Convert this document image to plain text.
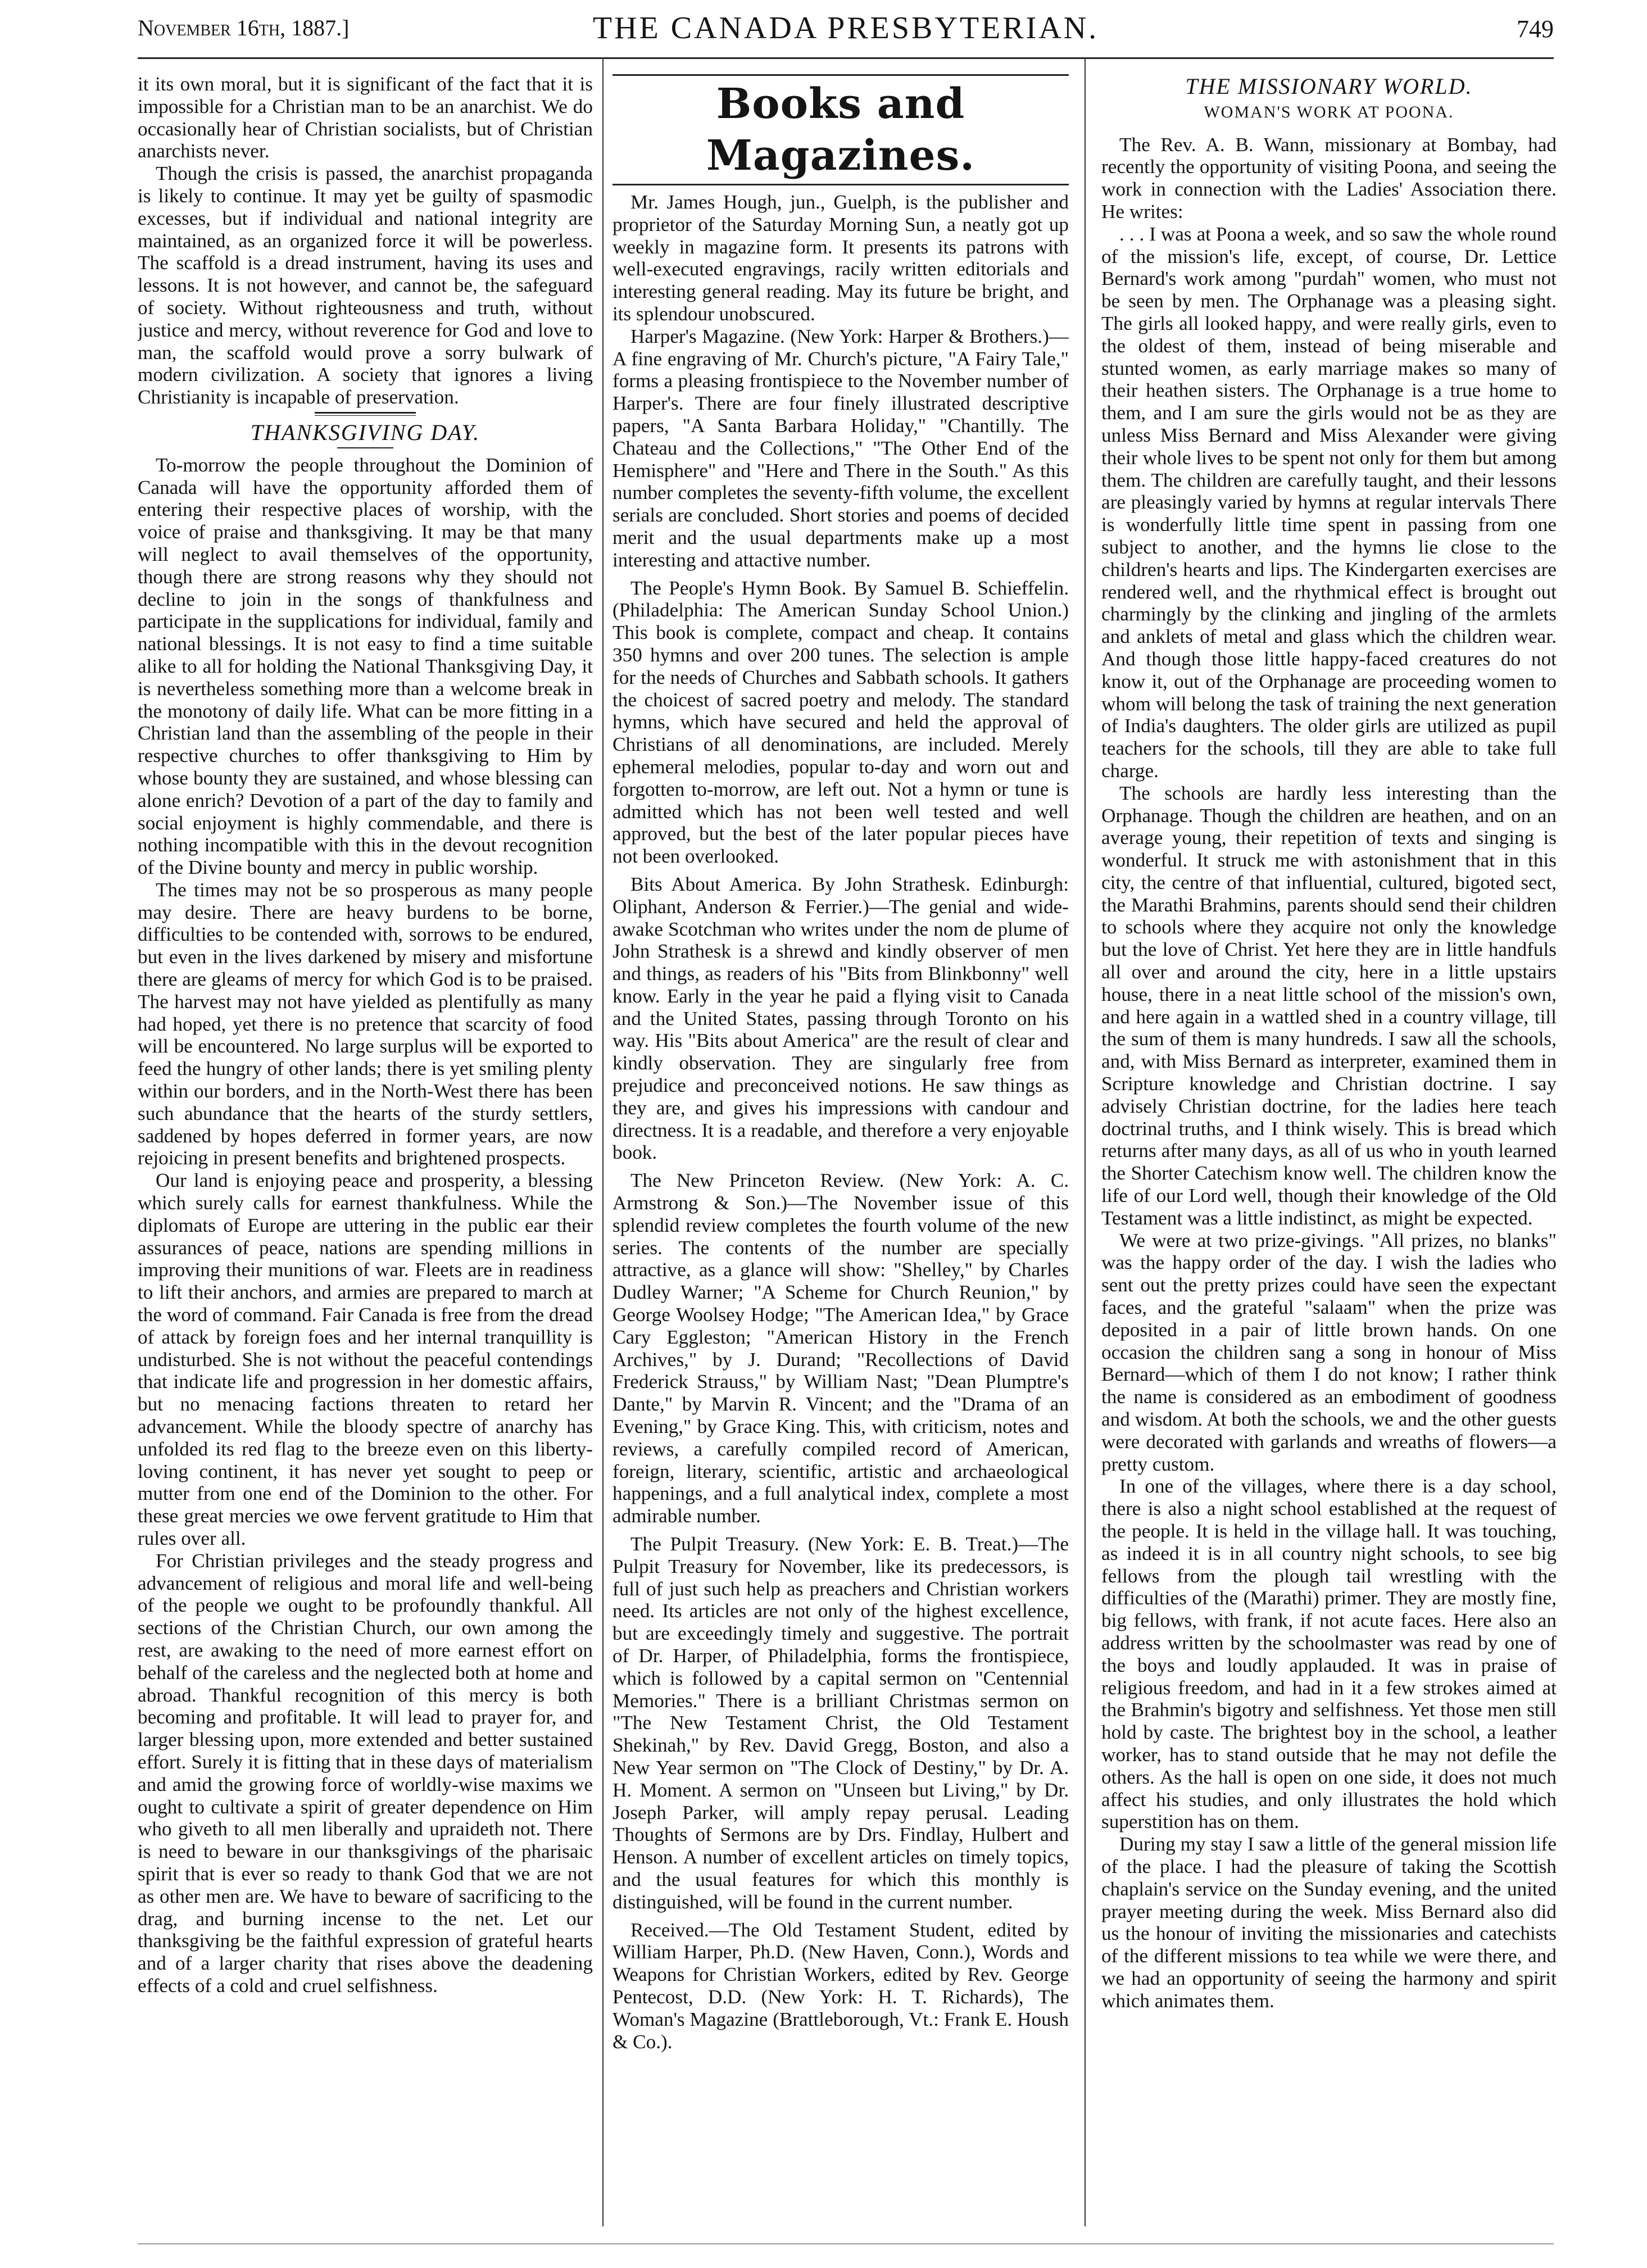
November 16th, 1887.]	THE CANADA PRESBYTERIAN.	749

it its own moral, but it is significant of the fact that it is impossible for a Christian man to be an anarchist. We do occasionally hear of Christian socialists, but of Christian anarchists never.

Though the crisis is passed, the anarchist propaganda is likely to continue. It may yet be guilty of spasmodic excesses, but if individual and national integrity are maintained, as an organized force it will be powerless. The scaffold is a dread instrument, having its uses and lessons. It is not however, and cannot be, the safeguard of society. Without righteousness and truth, without justice and mercy, without reverence for God and love to man, the scaffold would prove a sorry bulwark of modern civilization. A society that ignores a living Christianity is incapable of preservation.

THANKSGIVING DAY.

To-morrow the people throughout the Dominion of Canada will have the opportunity afforded them of entering their respective places of worship, with the voice of praise and thanksgiving. It may be that many will neglect to avail themselves of the opportunity, though there are strong reasons why they should not decline to join in the songs of thankfulness and participate in the supplications for individual, family and national blessings. It is not easy to find a time suitable alike to all for holding the National Thanksgiving Day, it is nevertheless something more than a welcome break in the monotony of daily life. What can be more fitting in a Christian land than the assembling of the people in their respective churches to offer thanksgiving to Him by whose bounty they are sustained, and whose blessing can alone enrich? Devotion of a part of the day to family and social enjoyment is highly commendable, and there is nothing incompatible with this in the devout recognition of the Divine bounty and mercy in public worship.

The times may not be so prosperous as many people may desire. There are heavy burdens to be borne, difficulties to be contended with, sorrows to be endured, but even in the lives darkened by misery and misfortune there are gleams of mercy for which God is to be praised. The harvest may not have yielded as plentifully as many had hoped, yet there is no pretence that scarcity of food will be encountered. No large surplus will be exported to feed the hungry of other lands; there is yet smiling plenty within our borders, and in the North-West there has been such abundance that the hearts of the sturdy settlers, saddened by hopes deferred in former years, are now rejoicing in present benefits and brightened prospects.

Our land is enjoying peace and prosperity, a blessing which surely calls for earnest thankfulness. While the diplomats of Europe are uttering in the public ear their assurances of peace, nations are spending millions in improving their munitions of war. Fleets are in readiness to lift their anchors, and armies are prepared to march at the word of command. Fair Canada is free from the dread of attack by foreign foes and her internal tranquillity is undisturbed. She is not without the peaceful contendings that indicate life and progression in her domestic affairs, but no menacing factions threaten to retard her advancement. While the bloody spectre of anarchy has unfolded its red flag to the breeze even on this liberty-loving continent, it has never yet sought to peep or mutter from one end of the Dominion to the other. For these great mercies we owe fervent gratitude to Him that rules over all.

For Christian privileges and the steady progress and advancement of religious and moral life and well-being of the people we ought to be profoundly thankful. All sections of the Christian Church, our own among the rest, are awaking to the need of more earnest effort on behalf of the careless and the neglected both at home and abroad. Thankful recognition of this mercy is both becoming and profitable. It will lead to prayer for, and larger blessing upon, more extended and better sustained effort. Surely it is fitting that in these days of materialism and amid the growing force of worldly-wise maxims we ought to cultivate a spirit of greater dependence on Him who giveth to all men liberally and upraideth not. There is need to beware in our thanksgivings of the pharisaic spirit that is ever so ready to thank God that we are not as other men are. We have to beware of sacrificing to the drag, and burning incense to the net. Let our thanksgiving be the faithful expression of grateful hearts and of a larger charity that rises above the deadening effects of a cold and cruel selfishness.

Books and Magazines.

Mr. James Hough, jun., Guelph, is the publisher and proprietor of the Saturday Morning Sun, a neatly got up weekly in magazine form. It presents its patrons with well-executed engravings, racily written editorials and interesting general reading. May its future be bright, and its splendour unobscured.

Harper's Magazine. (New York: Harper & Brothers.)—A fine engraving of Mr. Church's picture, "A Fairy Tale," forms a pleasing frontispiece to the November number of Harper's. There are four finely illustrated descriptive papers, "A Santa Barbara Holiday," "Chantilly. The Chateau and the Collections," "The Other End of the Hemisphere" and "Here and There in the South." As this number completes the seventy-fifth volume, the excellent serials are concluded. Short stories and poems of decided merit and the usual departments make up a most interesting and attactive number.

The People's Hymn Book. By Samuel B. Schieffelin. (Philadelphia: The American Sunday School Union.) This book is complete, compact and cheap. It contains 350 hymns and over 200 tunes. The selection is ample for the needs of Churches and Sabbath schools. It gathers the choicest of sacred poetry and melody. The standard hymns, which have secured and held the approval of Christians of all denominations, are included. Merely ephemeral melodies, popular to-day and worn out and forgotten to-morrow, are left out. Not a hymn or tune is admitted which has not been well tested and well approved, but the best of the later popular pieces have not been overlooked.

Bits About America. By John Strathesk. Edinburgh: Oliphant, Anderson & Ferrier.)—The genial and wide-awake Scotchman who writes under the nom de plume of John Strathesk is a shrewd and kindly observer of men and things, as readers of his "Bits from Blinkbonny" well know. Early in the year he paid a flying visit to Canada and the United States, passing through Toronto on his way. His "Bits about America" are the result of clear and kindly observation. They are singularly free from prejudice and preconceived notions. He saw things as they are, and gives his impressions with candour and directness. It is a readable, and therefore a very enjoyable book.

The New Princeton Review. (New York: A. C. Armstrong & Son.)—The November issue of this splendid review completes the fourth volume of the new series. The contents of the number are specially attractive, as a glance will show: "Shelley," by Charles Dudley Warner; "A Scheme for Church Reunion," by George Woolsey Hodge; "The American Idea," by Grace Cary Eggleston; "American History in the French Archives," by J. Durand; "Recollections of David Frederick Strauss," by William Nast; "Dean Plumptre's Dante," by Marvin R. Vincent; and the "Drama of an Evening," by Grace King. This, with criticism, notes and reviews, a carefully compiled record of American, foreign, literary, scientific, artistic and archaeological happenings, and a full analytical index, complete a most admirable number.

The Pulpit Treasury. (New York: E. B. Treat.)—The Pulpit Treasury for November, like its predecessors, is full of just such help as preachers and Christian workers need. Its articles are not only of the highest excellence, but are exceedingly timely and suggestive. The portrait of Dr. Harper, of Philadelphia, forms the frontispiece, which is followed by a capital sermon on "Centennial Memories." There is a brilliant Christmas sermon on "The New Testament Christ, the Old Testament Shekinah," by Rev. David Gregg, Boston, and also a New Year sermon on "The Clock of Destiny," by Dr. A. H. Moment. A sermon on "Unseen but Living," by Dr. Joseph Parker, will amply repay perusal. Leading Thoughts of Sermons are by Drs. Findlay, Hulbert and Henson. A number of excellent articles on timely topics, and the usual features for which this monthly is distinguished, will be found in the current number.

Received.—The Old Testament Student, edited by William Harper, Ph.D. (New Haven, Conn.), Words and Weapons for Christian Workers, edited by Rev. George Pentecost, D.D. (New York: H. T. Richards), The Woman's Magazine (Brattleborough, Vt.: Frank E. Housh & Co.).

THE MISSIONARY WORLD.
WOMAN'S WORK AT POONA.

The Rev. A. B. Wann, missionary at Bombay, had recently the opportunity of visiting Poona, and seeing the work in connection with the Ladies' Association there. He writes:

. . . I was at Poona a week, and so saw the whole round of the mission's life, except, of course, Dr. Lettice Bernard's work among "purdah" women, who must not be seen by men. The Orphanage was a pleasing sight. The girls all looked happy, and were really girls, even to the oldest of them, instead of being miserable and stunted women, as early marriage makes so many of their heathen sisters. The Orphanage is a true home to them, and I am sure the girls would not be as they are unless Miss Bernard and Miss Alexander were giving their whole lives to be spent not only for them but among them. The children are carefully taught, and their lessons are pleasingly varied by hymns at regular intervals There is wonderfully little time spent in passing from one subject to another, and the hymns lie close to the children's hearts and lips. The Kindergarten exercises are rendered well, and the rhythmical effect is brought out charmingly by the clinking and jingling of the armlets and anklets of metal and glass which the children wear. And though those little happy-faced creatures do not know it, out of the Orphanage are proceeding women to whom will belong the task of training the next generation of India's daughters. The older girls are utilized as pupil teachers for the schools, till they are able to take full charge.

The schools are hardly less interesting than the Orphanage. Though the children are heathen, and on an average young, their repetition of texts and singing is wonderful. It struck me with astonishment that in this city, the centre of that influential, cultured, bigoted sect, the Marathi Brahmins, parents should send their children to schools where they acquire not only the knowledge but the love of Christ. Yet here they are in little handfuls all over and around the city, here in a little upstairs house, there in a neat little school of the mission's own, and here again in a wattled shed in a country village, till the sum of them is many hundreds. I saw all the schools, and, with Miss Bernard as interpreter, examined them in Scripture knowledge and Christian doctrine. I say advisely Christian doctrine, for the ladies here teach doctrinal truths, and I think wisely. This is bread which returns after many days, as all of us who in youth learned the Shorter Catechism know well. The children know the life of our Lord well, though their knowledge of the Old Testament was a little indistinct, as might be expected.

We were at two prize-givings. "All prizes, no blanks" was the happy order of the day. I wish the ladies who sent out the pretty prizes could have seen the expectant faces, and the grateful "salaam" when the prize was deposited in a pair of little brown hands. On one occasion the children sang a song in honour of Miss Bernard—which of them I do not know; I rather think the name is considered as an embodiment of goodness and wisdom. At both the schools, we and the other guests were decorated with garlands and wreaths of flowers—a pretty custom.

In one of the villages, where there is a day school, there is also a night school established at the request of the people. It is held in the village hall. It was touching, as indeed it is in all country night schools, to see big fellows from the plough tail wrestling with the difficulties of the (Marathi) primer. They are mostly fine, big fellows, with frank, if not acute faces. Here also an address written by the schoolmaster was read by one of the boys and loudly applauded. It was in praise of religious freedom, and had in it a few strokes aimed at the Brahmin's bigotry and selfishness. Yet those men still hold by caste. The brightest boy in the school, a leather worker, has to stand outside that he may not defile the others. As the hall is open on one side, it does not much affect his studies, and only illustrates the hold which superstition has on them.

During my stay I saw a little of the general mission life of the place. I had the pleasure of taking the Scottish chaplain's service on the Sunday evening, and the united prayer meeting during the week. Miss Bernard also did us the honour of inviting the missionaries and catechists of the different missions to tea while we were there, and we had an opportunity of seeing the harmony and spirit which animates them.
